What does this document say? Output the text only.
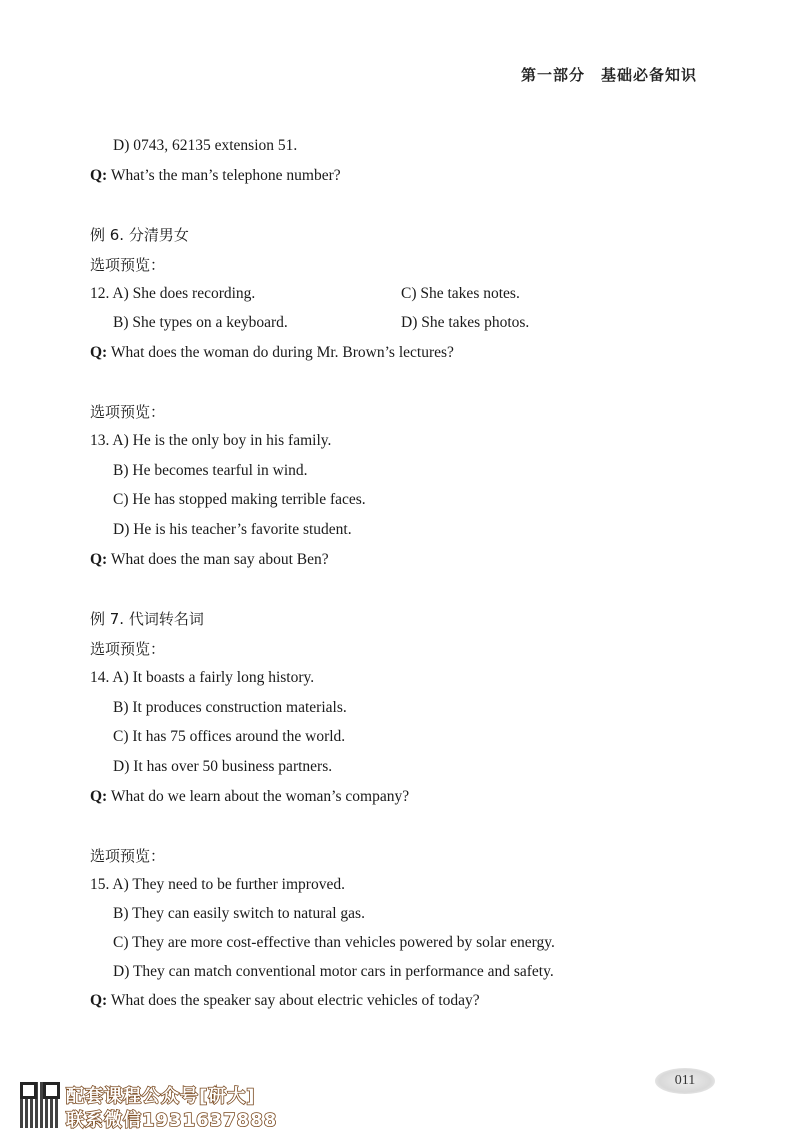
第一部分　基础必备知识
D) 0743, 62135 extension 51.
Q: What’s the man’s telephone number?
例 6. 分清男女
选项预览：
12. A) She does recording.	C) She takes notes.
B) She types on a keyboard.	D) She takes photos.
Q: What does the woman do during Mr. Brown’s lectures?
选项预览：
13. A) He is the only boy in his family.
B) He becomes tearful in wind.
C) He has stopped making terrible faces.
D) He is his teacher’s favorite student.
Q: What does the man say about Ben?
例 7. 代词转名词
选项预览：
14. A) It boasts a fairly long history.
B) It produces construction materials.
C) It has 75 offices around the world.
D) It has over 50 business partners.
Q: What do we learn about the woman’s company?
选项预览：
15. A) They need to be further improved.
B) They can easily switch to natural gas.
C) They are more cost-effective than vehicles powered by solar energy.
D) They can match conventional motor cars in performance and safety.
Q: What does the speaker say about electric vehicles of today?
011
配套课程公众号[研大]
联系微信1931637888
